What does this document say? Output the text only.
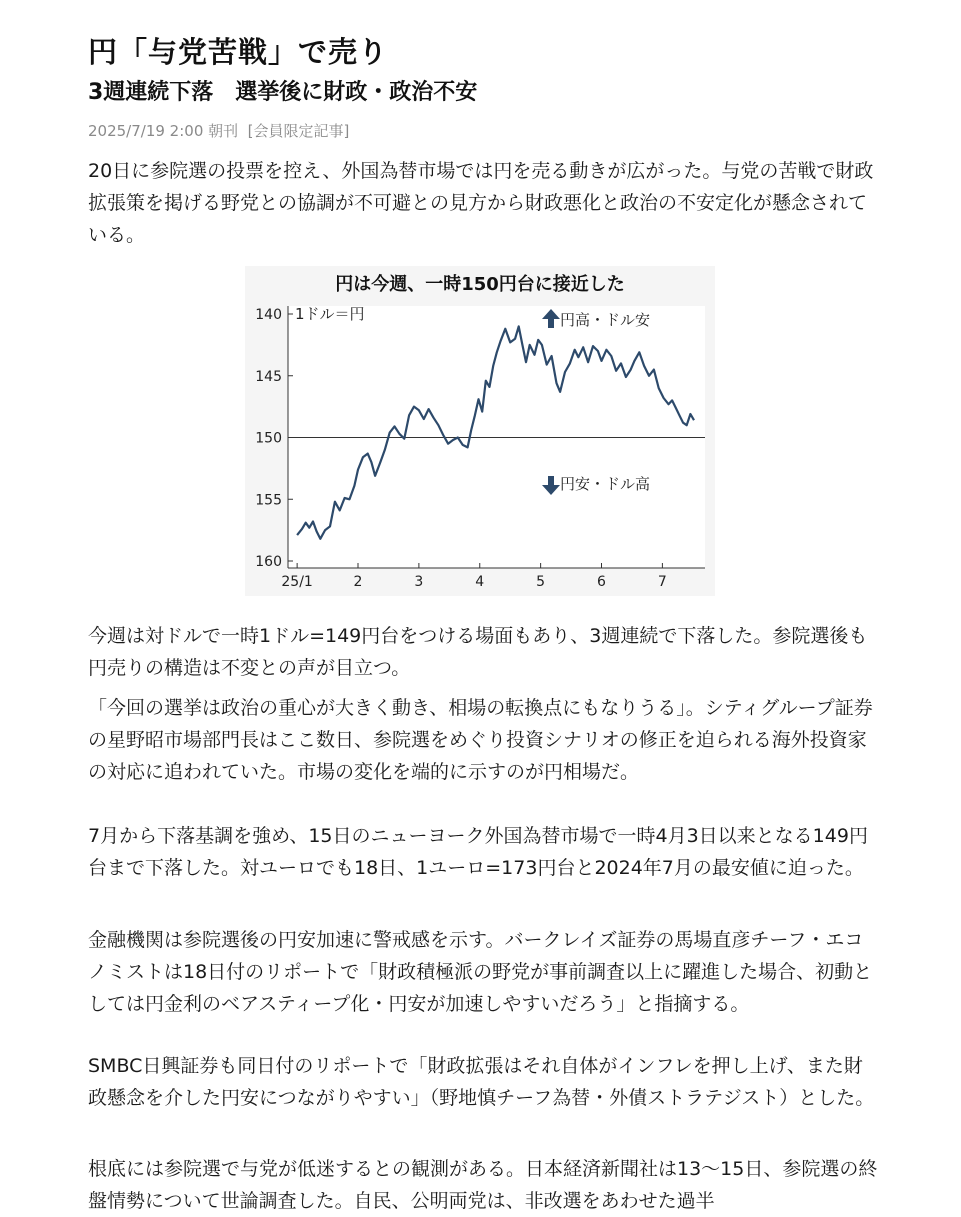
円「与党苦戦」で売り
3週連続下落　選挙後に財政・政治不安
2025/7/19 2:00 朝刊  [会員限定記事]

20日に参院選の投票を控え、外国為替市場では円を売る動きが広がった。与党の苦戦で財政拡張策を掲げる野党との協調が不可避との見方から財政悪化と政治の不安定化が懸念されている。

円は今週、一時150円台に接近した
140
145
150
155
160
25/1	2	3	4	5	6	7
1ドル＝円	円高・ドル安
円安・ドル高

今週は対ドルで一時1ドル=149円台をつける場面もあり、3週連続で下落した。参院選後も円売りの構造は不変との声が目立つ。

「今回の選挙は政治の重心が大きく動き、相場の転換点にもなりうる」。シティグループ証券の星野昭市場部門長はここ数日、参院選をめぐり投資シナリオの修正を迫られる海外投資家の対応に追われていた。市場の変化を端的に示すのが円相場だ。

7月から下落基調を強め、15日のニューヨーク外国為替市場で一時4月3日以来となる149円台まで下落した。対ユーロでも18日、1ユーロ=173円台と2024年7月の最安値に迫った。

金融機関は参院選後の円安加速に警戒感を示す。バークレイズ証券の馬場直彦チーフ・エコノミストは18日付のリポートで「財政積極派の野党が事前調査以上に躍進した場合、初動としては円金利のベアスティープ化・円安が加速しやすいだろう」と指摘する。

SMBC日興証券も同日付のリポートで「財政拡張はそれ自体がインフレを押し上げ、また財政懸念を介した円安につながりやすい」（野地慎チーフ為替・外債ストラテジスト）とした。

根底には参院選で与党が低迷するとの観測がある。日本経済新聞社は13〜15日、参院選の終盤情勢について世論調査した。自民、公明両党は、非改選をあわせた過半
